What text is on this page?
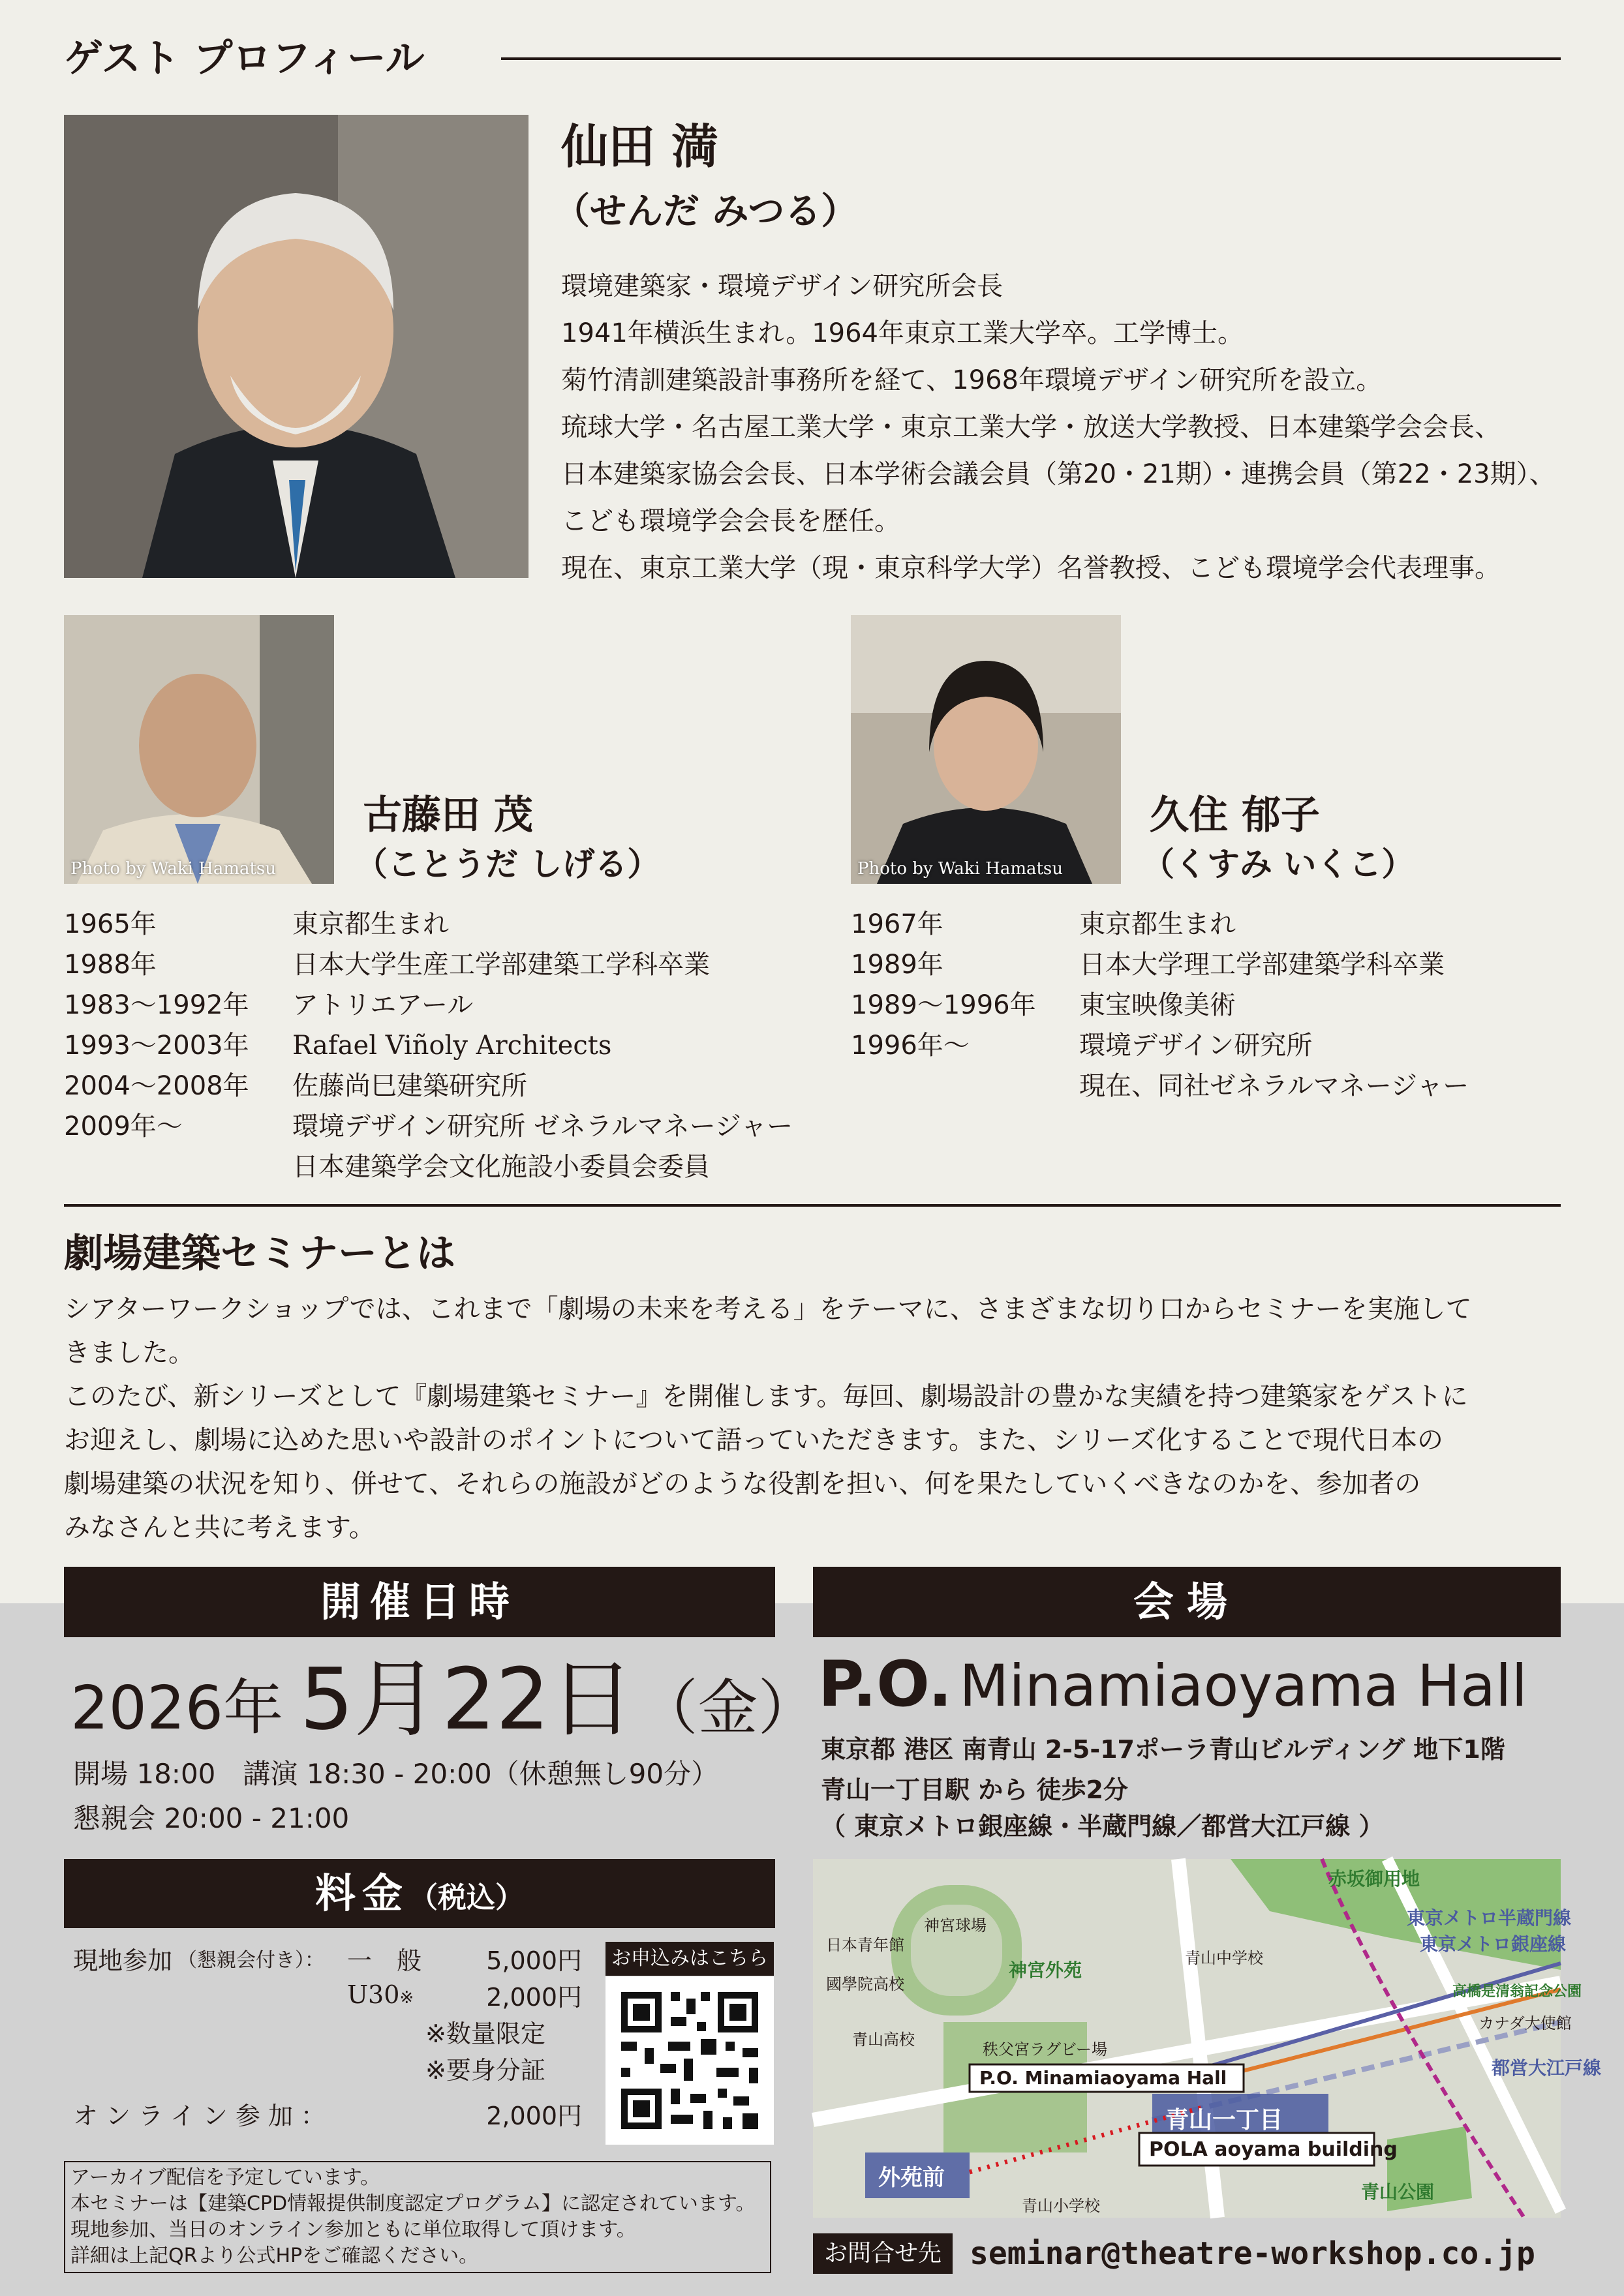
ゲスト プロフィール
仙田 満
（せんだ みつる）

環境建築家・環境デザイン研究所会長

1941年横浜生まれ。1964年東京工業大学卒。工学博士。

菊竹清訓建築設計事務所を経て、1968年環境デザイン研究所を設立。

琉球大学・名古屋工業大学・東京工業大学・放送大学教授、日本建築学会会長、

日本建築家協会会長、日本学術会議会員（第20・21期）・連携会員（第22・23期）、

こども環境学会会長を歴任。

現在、東京工業大学（現・東京科学大学）名誉教授、こども環境学会代表理事。

Photo by Waki Hamatsu
古藤田 茂
（ことうだ しげる）
1965年	東京都生まれ
1988年	日本大学生産工学部建築工学科卒業
1983〜1992年	アトリエアール
1993〜2003年	Rafael Viñoly Architects
2004〜2008年	佐藤尚巳建築研究所
2009年〜	環境デザイン研究所 ゼネラルマネージャー
日本建築学会文化施設小委員会委員
Photo by Waki Hamatsu
久住 郁子
（くすみ いくこ）
1967年	東京都生まれ
1989年	日本大学理工学部建築学科卒業
1989〜1996年	東宝映像美術
1996年〜	環境デザイン研究所
現在、同社ゼネラルマネージャー
劇場建築セミナーとは

シアターワークショップでは、これまで「劇場の未来を考える」をテーマに、さまざまな切り口からセミナーを実施して

きました。

このたび、新シリーズとして『劇場建築セミナー』を開催します。毎回、劇場設計の豊かな実績を持つ建築家をゲストに

お迎えし、劇場に込めた思いや設計のポイントについて語っていただきます。また、シリーズ化することで現代日本の

劇場建築の状況を知り、併せて、それらの施設がどのような役割を担い、何を果たしていくべきなのかを、参加者の

みなさんと共に考えます。

開催日時
2026年 5月 22日 （金）
開場 18:00　講演 18:30 - 20:00（休憩無し90分）
懇親会 20:00 - 21:00
料金（税込）
現地参加 （懇親会付き）： 一　般	5,000円
U30※	2,000円
※数量限定
※要身分証
オンライン参加：	2,000円
お申込みはこちら
アーカイブ配信を予定しています。
本セミナーは【建築CPD情報提供制度認定プログラム】に認定されています。
現地参加、当日のオンライン参加ともに単位取得して頂けます。
詳細は上記QRより公式HPをご確認ください。
会場
P.O. Minamiaoyama Hall
東京都 港区 南青山 2-5-17ポーラ青山ビルディング 地下1階
青山一丁目駅 から 徒歩2分
（ 東京メトロ銀座線・半蔵門線／都営大江戸線 ）
日本青年館
國學院高校
青山高校
神宮球場
秩父宮ラグビー場
青山中学校
青山小学校
カナダ大使館
神宮外苑
赤坂御用地
青山公園
高橋是清翁記念公園
東京メトロ半蔵門線
東京メトロ銀座線
都営大江戸線
青山一丁目
外苑前
P.O. Minamiaoyama Hall
POLA aoyama building
お問合せ先 seminar@theatre-workshop.co.jp
